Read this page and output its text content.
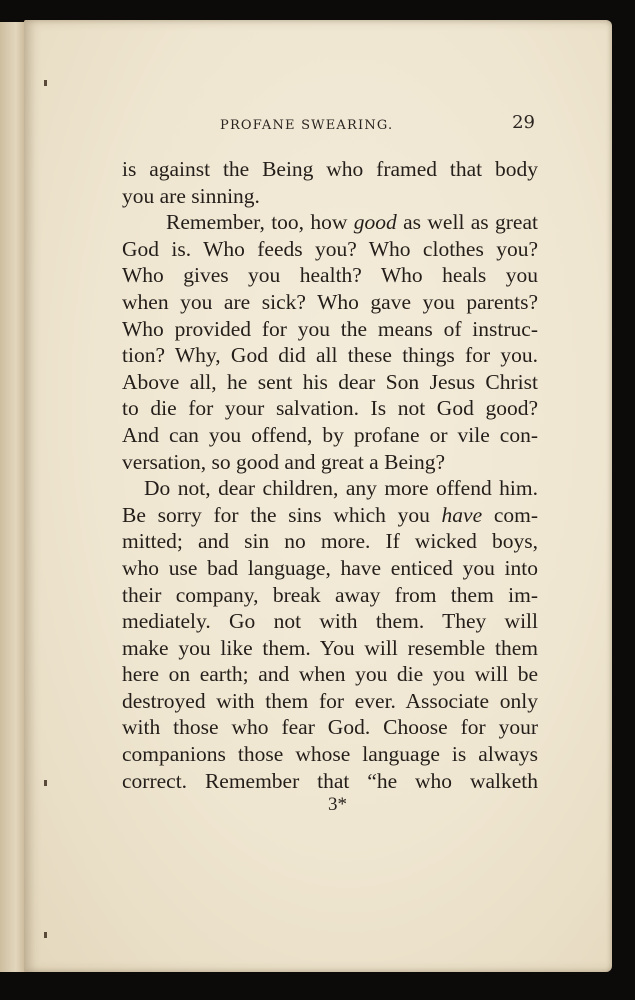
PROFANE SWEARING.	29
is against the Being who framed that body
you are sinning.
Remember, too, how good as well as great
God is. Who feeds you? Who clothes you?
Who gives you health? Who heals you
when you are sick? Who gave you parents?
Who provided for you the means of instruc-
tion? Why, God did all these things for you.
Above all, he sent his dear Son Jesus Christ
to die for your salvation. Is not God good?
And can you offend, by profane or vile con-
versation, so good and great a Being?
Do not, dear children, any more offend him.
Be sorry for the sins which you have com-
mitted; and sin no more. If wicked boys,
who use bad language, have enticed you into
their company, break away from them im-
mediately. Go not with them. They will
make you like them. You will resemble them
here on earth; and when you die you will be
destroyed with them for ever. Associate only
with those who fear God. Choose for your
companions those whose language is always
correct. Remember that “he who walketh
3*
